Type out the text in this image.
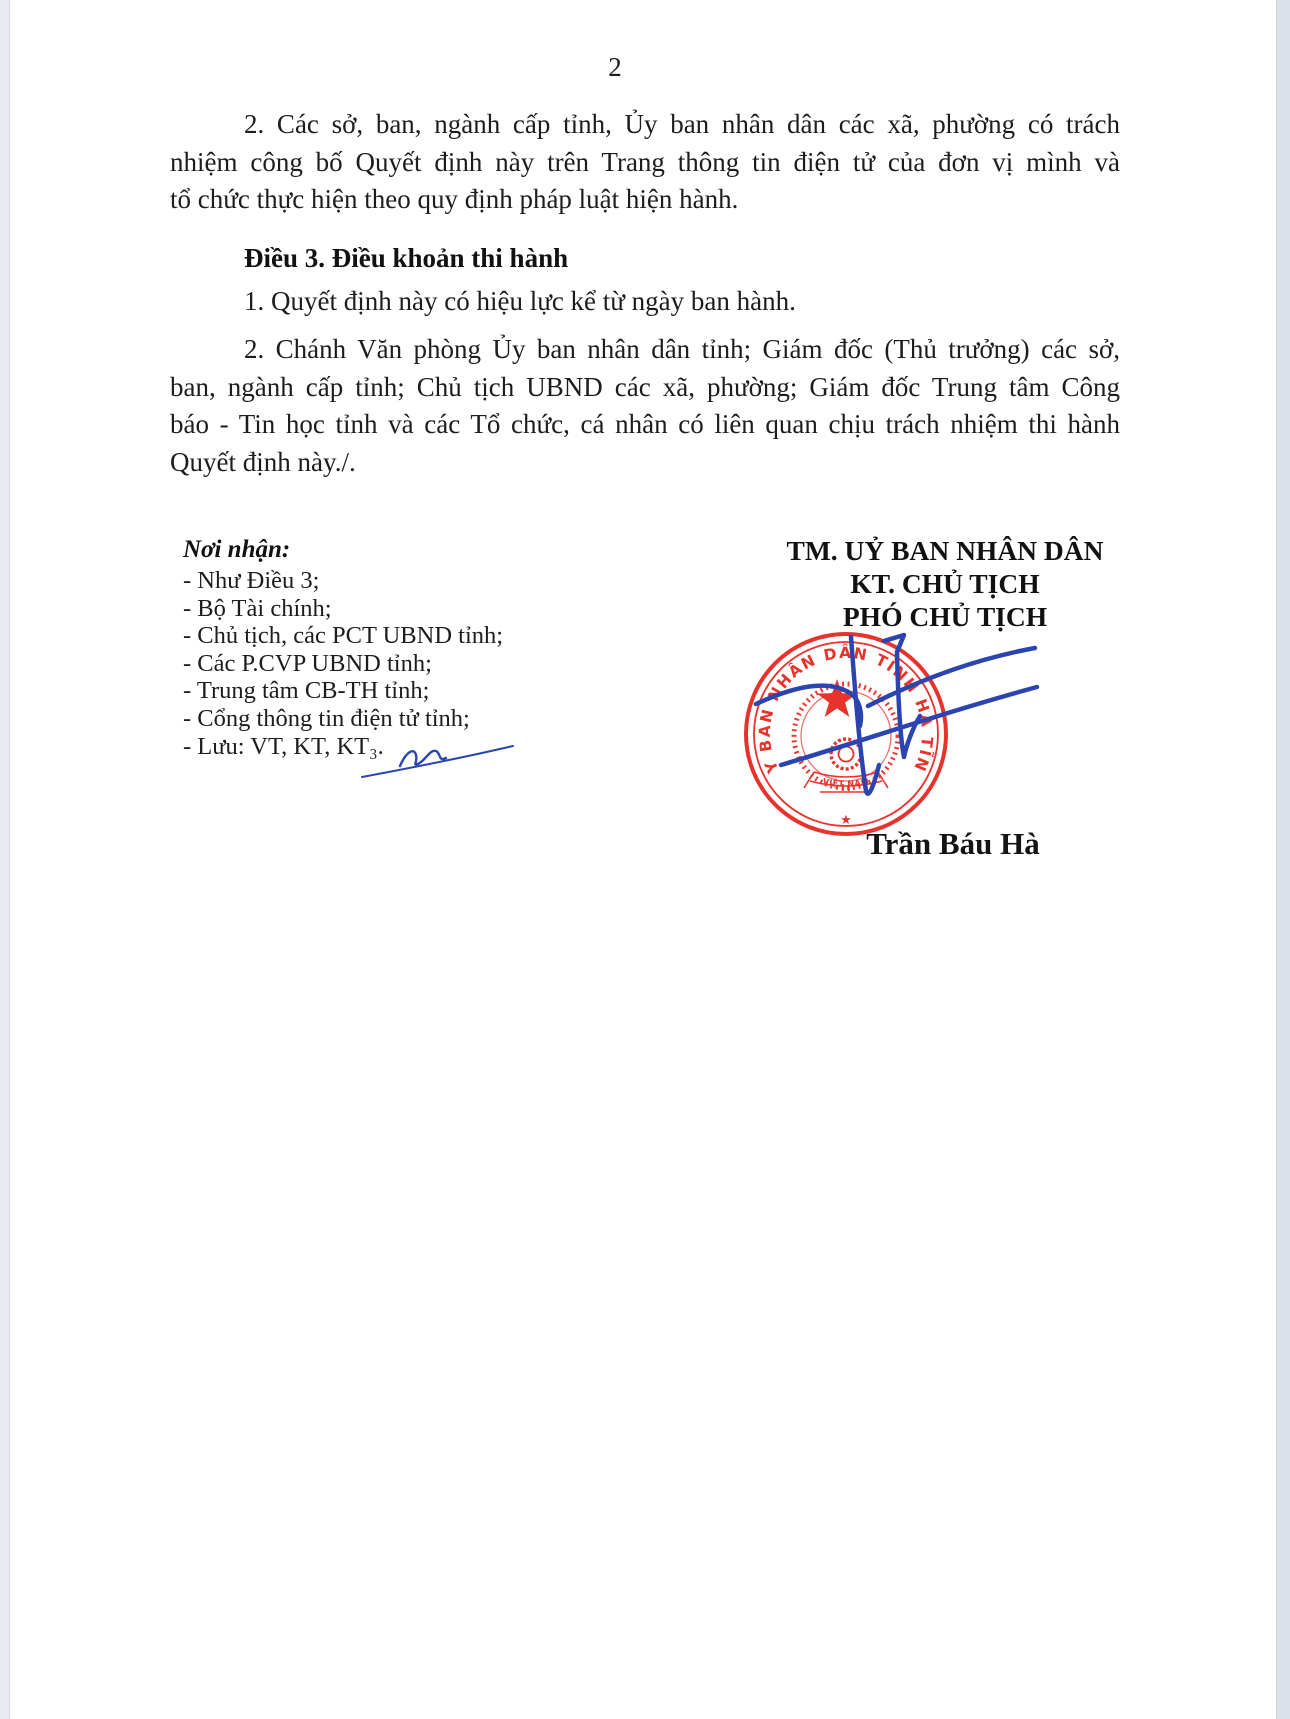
2
2. Các sở, ban, ngành cấp tỉnh, Ủy ban nhân dân các xã, phường có trách
nhiệm công bố Quyết định này trên Trang thông tin điện tử của đơn vị mình và
tổ chức thực hiện theo quy định pháp luật hiện hành.
Điều 3. Điều khoản thi hành
1. Quyết định này có hiệu lực kể từ ngày ban hành.
2. Chánh Văn phòng Ủy ban nhân dân tỉnh; Giám đốc (Thủ trưởng) các sở,
ban, ngành cấp tỉnh; Chủ tịch UBND các xã, phường; Giám đốc Trung tâm Công
báo - Tin học tỉnh và các Tổ chức, cá nhân có liên quan chịu trách nhiệm thi hành
Quyết định này./.
Nơi nhận:
- Như Điều 3;
- Bộ Tài chính;
- Chủ tịch, các PCT UBND tỉnh;
- Các P.CVP UBND tỉnh;
- Trung tâm CB-TH tỉnh;
- Cổng thông tin điện tử tỉnh;
- Lưu: VT, KT, KT₃.
TM. UỶ BAN NHÂN DÂN
KT. CHỦ TỊCH
PHÓ CHỦ TỊCH
ỦY BAN NHÂN DÂN TỈNH HÀ TĨNH
VIỆT NAM
★
Trần Báu Hà
